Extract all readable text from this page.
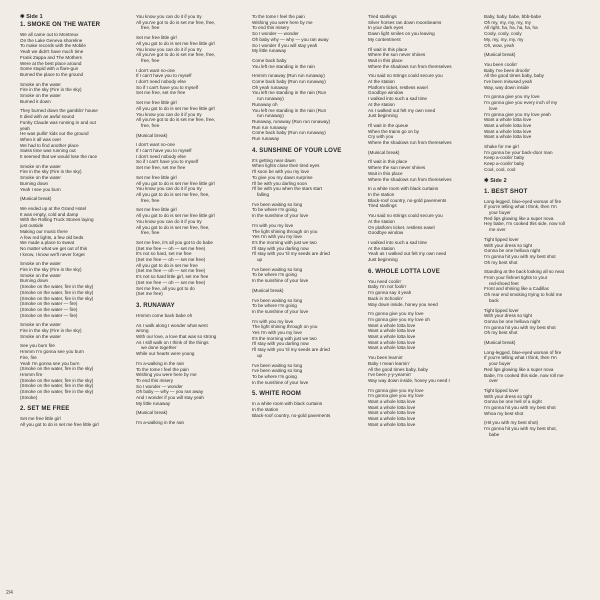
✱ Side 1
1. SMOKE ON THE WATER
We all came out to Montreux
On the Lake Geneva shoreline
To make records with the Mobile
Yeah we didn't have much time
Frank Zappa and The Mothers
Were at the best place around
Some stupid with a flare-gun
Burned the place to the ground
Smoke on the water
Fire in the sky (Fire in the sky)
Smoke on the water
Burned it down
They burned down the gamblin' house
It died with an awful sound
Funky Claude was running in and out
yeah
He was pullin' kids out the ground
When it all was over
We had to find another place
Swiss time was running out
It seemed that we would lose the race
Smoke on the water
Fire in the sky (Fire in the sky)
Smoke on the water
Burning down
Yeah I see you burn
(Musical break)
We ended up at the Grand Hotel
It was empty, cold and damp
With the Rolling Truck Stones laying
just outside
Making our music there
A few red lights, a few old beds
We made a place to sweat
No matter what we get out of this
I know, I know we'll never forget
Smoke on the water
Fire in the sky (Fire in the sky)
Smoke on the water
Burning down
(Smoke on the water, fire in the sky)
(Smoke on the water, fire in the sky)
(Smoke on the water, fire in the sky)
(Smoke on the water — fire)
(Smoke on the water — fire)
(Smoke on the water — fire)
Smoke on the water
Fire in the sky (Fire in the sky)
Smoke on the water
See you burn fire
Hmmm I'm gonna see you burn
Fire, fire
Yeah I'm gonna see you burn
(Smoke on the water, fire in the sky)
Hmmm fire
(Smoke on the water, fire in the sky)
(Smoke on the water, fire in the sky)
(Smoke on the water, fire in the sky)
(Smoke)
2. SET ME FREE
Set me free little girl
All you got to do is set me free little girl
You know you can do it if you try
All you've got to do is set me free, free,
free, free
Set me free little girl
All you got to do is set me free little girl
You know you can do it if you try
All you've got to do is set me free, free,
free, free
I don't want no-one
If I can't have you to myself
I don't need nobody else
So if I can't have you to myself
Set me free, set me free
Set me free little girl
All you got to do is set me free little girl
You know you can do it if you try
All you've got to do is set me free, free,
free, free
(Musical break)
I don't want no-one
If I can't have you to myself
I don't need nobody else
So if I can't have you to myself
Set me free, set me free
Set me free little girl
All you got to do is set me free little girl
You know you can do it if you try
All you got to do is set me free, free,
free, free
Set me free little girl
All you got to do is set me free little girl
You know you can do it if you try
All you got to do is set me free, free,
free, free
Set me free, it's all you got to do babe
(Set me free — oh — set me free)
It's not so hard, set me free
(Set me free — oh — set me free)
All you got to do is set me free
(Set me free — oh — set me free)
It's not so hard little girl, set me free
(Set me free — oh — set me free)
Set me free, all you got to do
(Set me free)
3. RUNAWAY
Hmmm come back babe oh
As I walk along I wonder what went
wrong
With our love, a love that was so strong
As I still walk on I think of the things
we done together
While our hearts were young
I'm a-walking in the rain
To the tome I feel the pain
Wishing you were here by me
To end this misery
So I wonder — wonder
Oh baby — why — you ran away
And I wonder if you will stay yeah
My little runaway
(Musical break)
I'm a-walking in the rain
To the tome I feel the pain
Wishing you were here by me
To end this misery
So I wonder — wonder
Oh baby why — why — you ran away
So I wonder if you will stay yeah
My little runaway
Come back baby
You left me standing in the rain
Hmmm runaway (Run run runaway)
Come back baby (Run run runaway)
Oh yeah runaway
You left me standing in the rain (Run
run runaway)
Runaway oh
You left me standing in the rain (Run
run runaway)
Runaway, runaway (Run run runaway)
Run run runaway
Come back baby (Run run runaway)
Run runaway
4. SUNSHINE OF YOUR LOVE
It's getting near dawn
When lights close their tired eyes
I'll soon be with you my love
To give you my dawn surprise
I'll be with you darling soon
I'll be with you when the stars start
falling
I've been waiting so long
To be where I'm going
In the sunshine of your love
I'm with you my love
The light shining through on you
Yes I'm with you my love
It's the morning with just we two
I'll stay with you darling now
I'll stay with you 'til my seeds are dried
up
I've been waiting so long
To be where I'm going
In the sunshine of your love
(Musical break)
I've been waiting so long
To be where I'm going
In the sunshine of your love
I'm with you my love
The light shining through on you
Yes I'm with you my love
It's the morning with just we two
I'll stay with you darling now
I'll stay with you 'til my seeds are dried
up
I've been waiting so long
I've been waiting so long
To be where I'm going
In the sunshine of your love
5. WHITE ROOM
In a white room with black curtains
In the station
Black-roof country, no-gold pavements
Tired starlings
Silver horses ran down moonbeams
In your dark eyes
Dawn light smiles on you leaving
My contentment
I'll wait in this place
Where the sun never shines
Wait in this place
Where the shadows run from themselves
You said no strings could secure you
At the station
Platform ticket, restless easel
Goodbye window
I walked into such a sad time
At the station
As I walked out felt my own need
Just beginning
I'll wait in the queue
When the trains go on by
Cry with you
Where the shadows run from themselves
(Musical break)
I'll wait in this place
Where the sun never shines
Wait in this place
Where the shadows run from themselves
In a white room with black curtains
In the station
Black-roof country, no-gold pavements
Tired starlings
You said no strings could secure you
At the station
On platform ticket, restless easel
Goodbye window
I walked into such a sad time
At the station
Yeah as I walked out felt my own need
Just beginning
6. WHOLE LOTTA LOVE
You need coolin'
Baby I'm not foolin'
I'm gonna say it yeah
Back in Schoolin'
Way down inside, honey you need
I'm gonna give you my love
I'm gonna give you my love oh
Want a whole lotta love
Want a whole lotta love
Want a whole lotta love
Want a whole lotta love
Want a whole lotta love
You been learnin'
Baby I mean learnin'
All the good times baby, baby
I've been y-y-yearnin'
Way way down inside, honey you need I
I'm gonna give you my love
I'm gonna give you my love
Want a whole lotta love
Want a whole lotta love
Want a whole lotta love
Want a whole lotta love
Want a whole lotta love
Baby, baby, babe, bbb-babe
Oh my, my, my, my, my
All right, ha, ha, ha, ha, ha
Cooly, cooly, cooly
My, my, my, my, my
Oh, wow, yeah
(Musical break)
You been coolin'
Baby I've been droolin'
All the good times baby, baby
I've been misused yeah
Way, way down inside
I'm gonna give you my love
I'm gonna give you every inch of my
love
I'm gonna give you my love yeah
Want a whole lotta love
Want a whole lotta love
Want a whole lotta love
Want a whole lotta love
Shake for me girl
I'm gonna be your back-door man
Keep a-coolin' baby
Keep a-coolin' baby
Cool, cool, cool
✱ Side 2
1. BEST SHOT
Long-legged, blue-eyed woman of fire
If you're telling what I think, then I'm
your buyer
Red lips glowing like a super nova
Hey babe, I'm cooked this side, now roll
me over
Tight lipped lover
With your dress so tight
Gonna be one helluva night
I'm gonna hit you with my best shot
Oh my best shot
Standing at the back looking all so neat
From your fishnet tights to your
red-shoed feet
Front and shining like a Cadillac
Oh rear end smoking trying to hold me
back
Tight lipped lover
With your dress so tight
Gonna be one helluva night
I'm gonna hit you with my best shot
Oh my best shot
(Musical break)
Long-legged, blue-eyed woman of fire
If you're telling what I think, then I'm
your buyer
Red lips glowing like a super nova
Babe, I'm cooked this side, now roll me
over
Tight lipped lover
With your dress so tight
Gonna be one hell of a night
I'm gonna hit you with my best shot
Whoa my best shot
(Hit you with my best shot)
I'm gonna hit you with my best shot,
babe
2/4
